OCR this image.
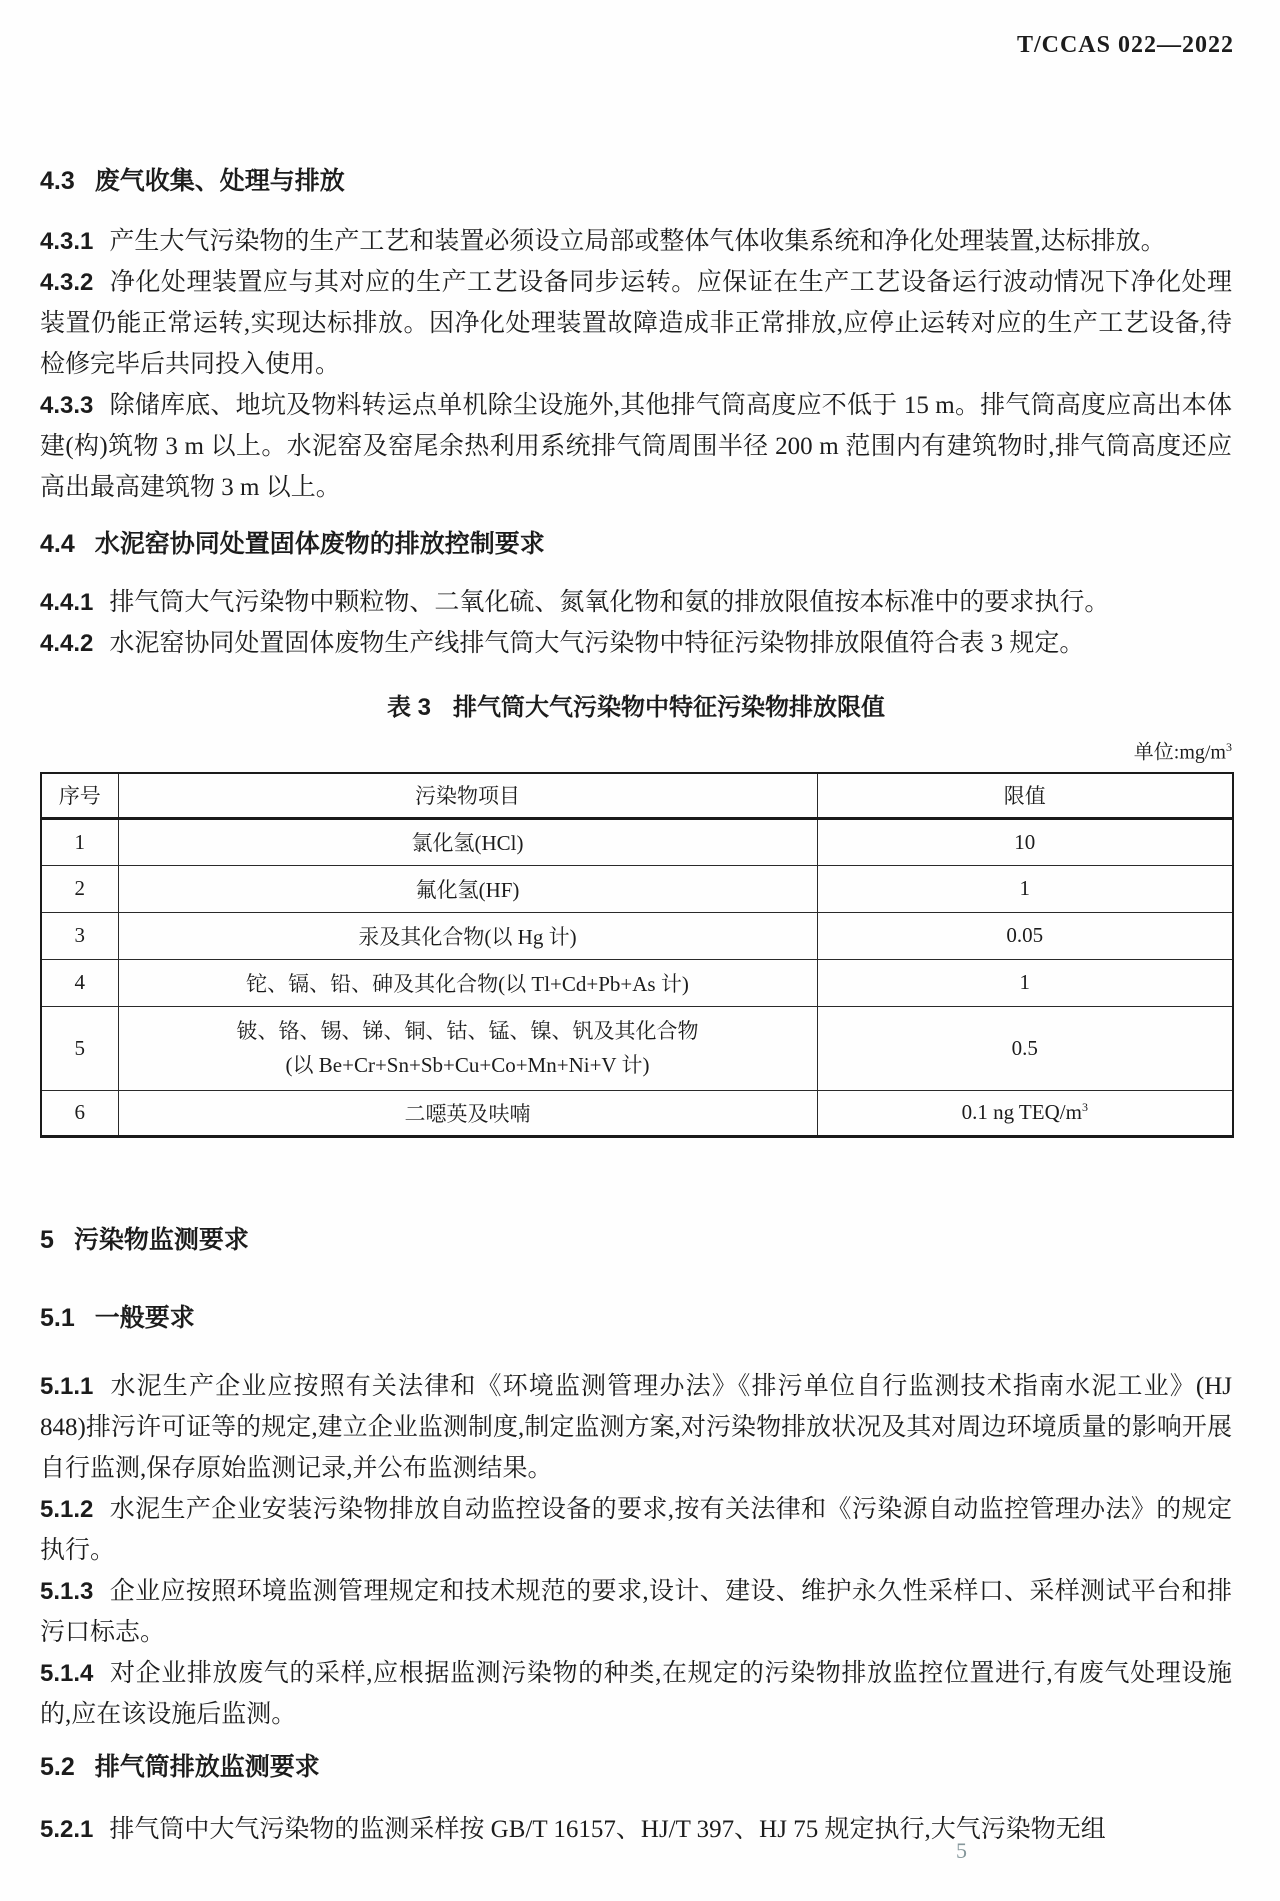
T/CCAS 022—2022
4.3 废气收集、处理与排放

4.3.1 产生大气污染物的生产工艺和装置必须设立局部或整体气体收集系统和净化处理装置,达标排放。

4.3.2 净化处理装置应与其对应的生产工艺设备同步运转。应保证在生产工艺设备运行波动情况下净化处理装置仍能正常运转,实现达标排放。因净化处理装置故障造成非正常排放,应停止运转对应的生产工艺设备,待检修完毕后共同投入使用。

4.3.3 除储库底、地坑及物料转运点单机除尘设施外,其他排气筒高度应不低于 15 m。排气筒高度应高出本体建(构)筑物 3 m 以上。水泥窑及窑尾余热利用系统排气筒周围半径 200 m 范围内有建筑物时,排气筒高度还应高出最高建筑物 3 m 以上。

4.4 水泥窑协同处置固体废物的排放控制要求

4.4.1 排气筒大气污染物中颗粒物、二氧化硫、氮氧化物和氨的排放限值按本标准中的要求执行。

4.4.2 水泥窑协同处置固体废物生产线排气筒大气污染物中特征污染物排放限值符合表 3 规定。

表 3 排气筒大气污染物中特征污染物排放限值
单位$:mg/m^3$
序号	污染物项目	限值
1	氯化氢(HCl)	10
2	氟化氢(HF)	1
3	汞及其化合物(以 Hg 计)	0.05
4	铊、镉、铅、砷及其化合物(以 Tl+Cd+Pb+As 计)	1
5	铍、铬、锡、锑、铜、钴、锰、镍、钒及其化合物
(以 Be+Cr+Sn+Sb+Cu+Co+Mn+Ni+V 计)	0.5
6	二噁英及呋喃	0.1 ng TEQ/$m^3$
5 污染物监测要求
5.1 一般要求

5.1.1 水泥生产企业应按照有关法律和《环境监测管理办法》《排污单位自行监测技术指南水泥工业》(HJ 848)排污许可证等的规定,建立企业监测制度,制定监测方案,对污染物排放状况及其对周边环境质量的影响开展自行监测,保存原始监测记录,并公布监测结果。

5.1.2 水泥生产企业安装污染物排放自动监控设备的要求,按有关法律和《污染源自动监控管理办法》的规定执行。

5.1.3 企业应按照环境监测管理规定和技术规范的要求,设计、建设、维护永久性采样口、采样测试平台和排污口标志。

5.1.4 对企业排放废气的采样,应根据监测污染物的种类,在规定的污染物排放监控位置进行,有废气处理设施的,应在该设施后监测。

5.2 排气筒排放监测要求

5.2.1 排气筒中大气污染物的监测采样按 GB/T 16157、HJ/T 397、HJ 75 规定执行,大气污染物无组

5
